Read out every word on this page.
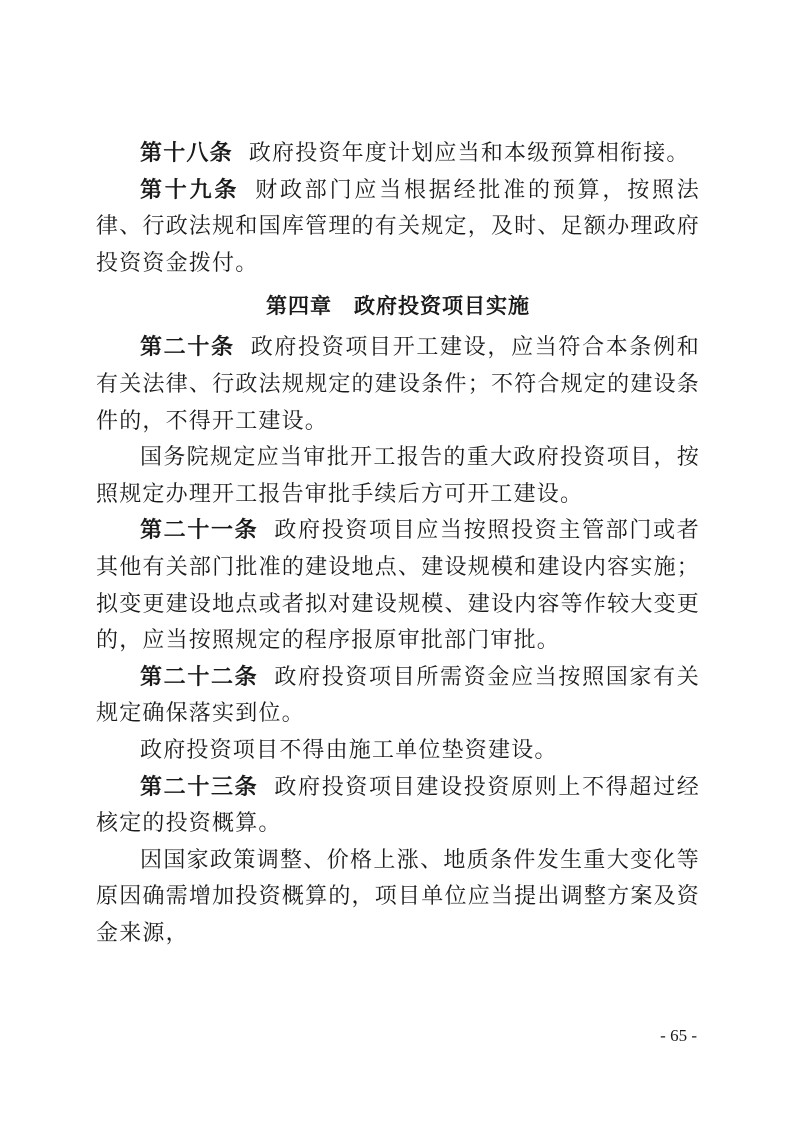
第十八条 政府投资年度计划应当和本级预算相衔接。

第十九条 财政部门应当根据经批准的预算，按照法律、行政法规和国库管理的有关规定，及时、足额办理政府投资资金拨付。

第四章　政府投资项目实施

第二十条 政府投资项目开工建设，应当符合本条例和有关法律、行政法规规定的建设条件；不符合规定的建设条件的，不得开工建设。

国务院规定应当审批开工报告的重大政府投资项目，按照规定办理开工报告审批手续后方可开工建设。

第二十一条 政府投资项目应当按照投资主管部门或者其他有关部门批准的建设地点、建设规模和建设内容实施；拟变更建设地点或者拟对建设规模、建设内容等作较大变更的，应当按照规定的程序报原审批部门审批。

第二十二条 政府投资项目所需资金应当按照国家有关规定确保落实到位。

政府投资项目不得由施工单位垫资建设。

第二十三条 政府投资项目建设投资原则上不得超过经核定的投资概算。

因国家政策调整、价格上涨、地质条件发生重大变化等原因确需增加投资概算的，项目单位应当提出调整方案及资金来源，

- 65 -
